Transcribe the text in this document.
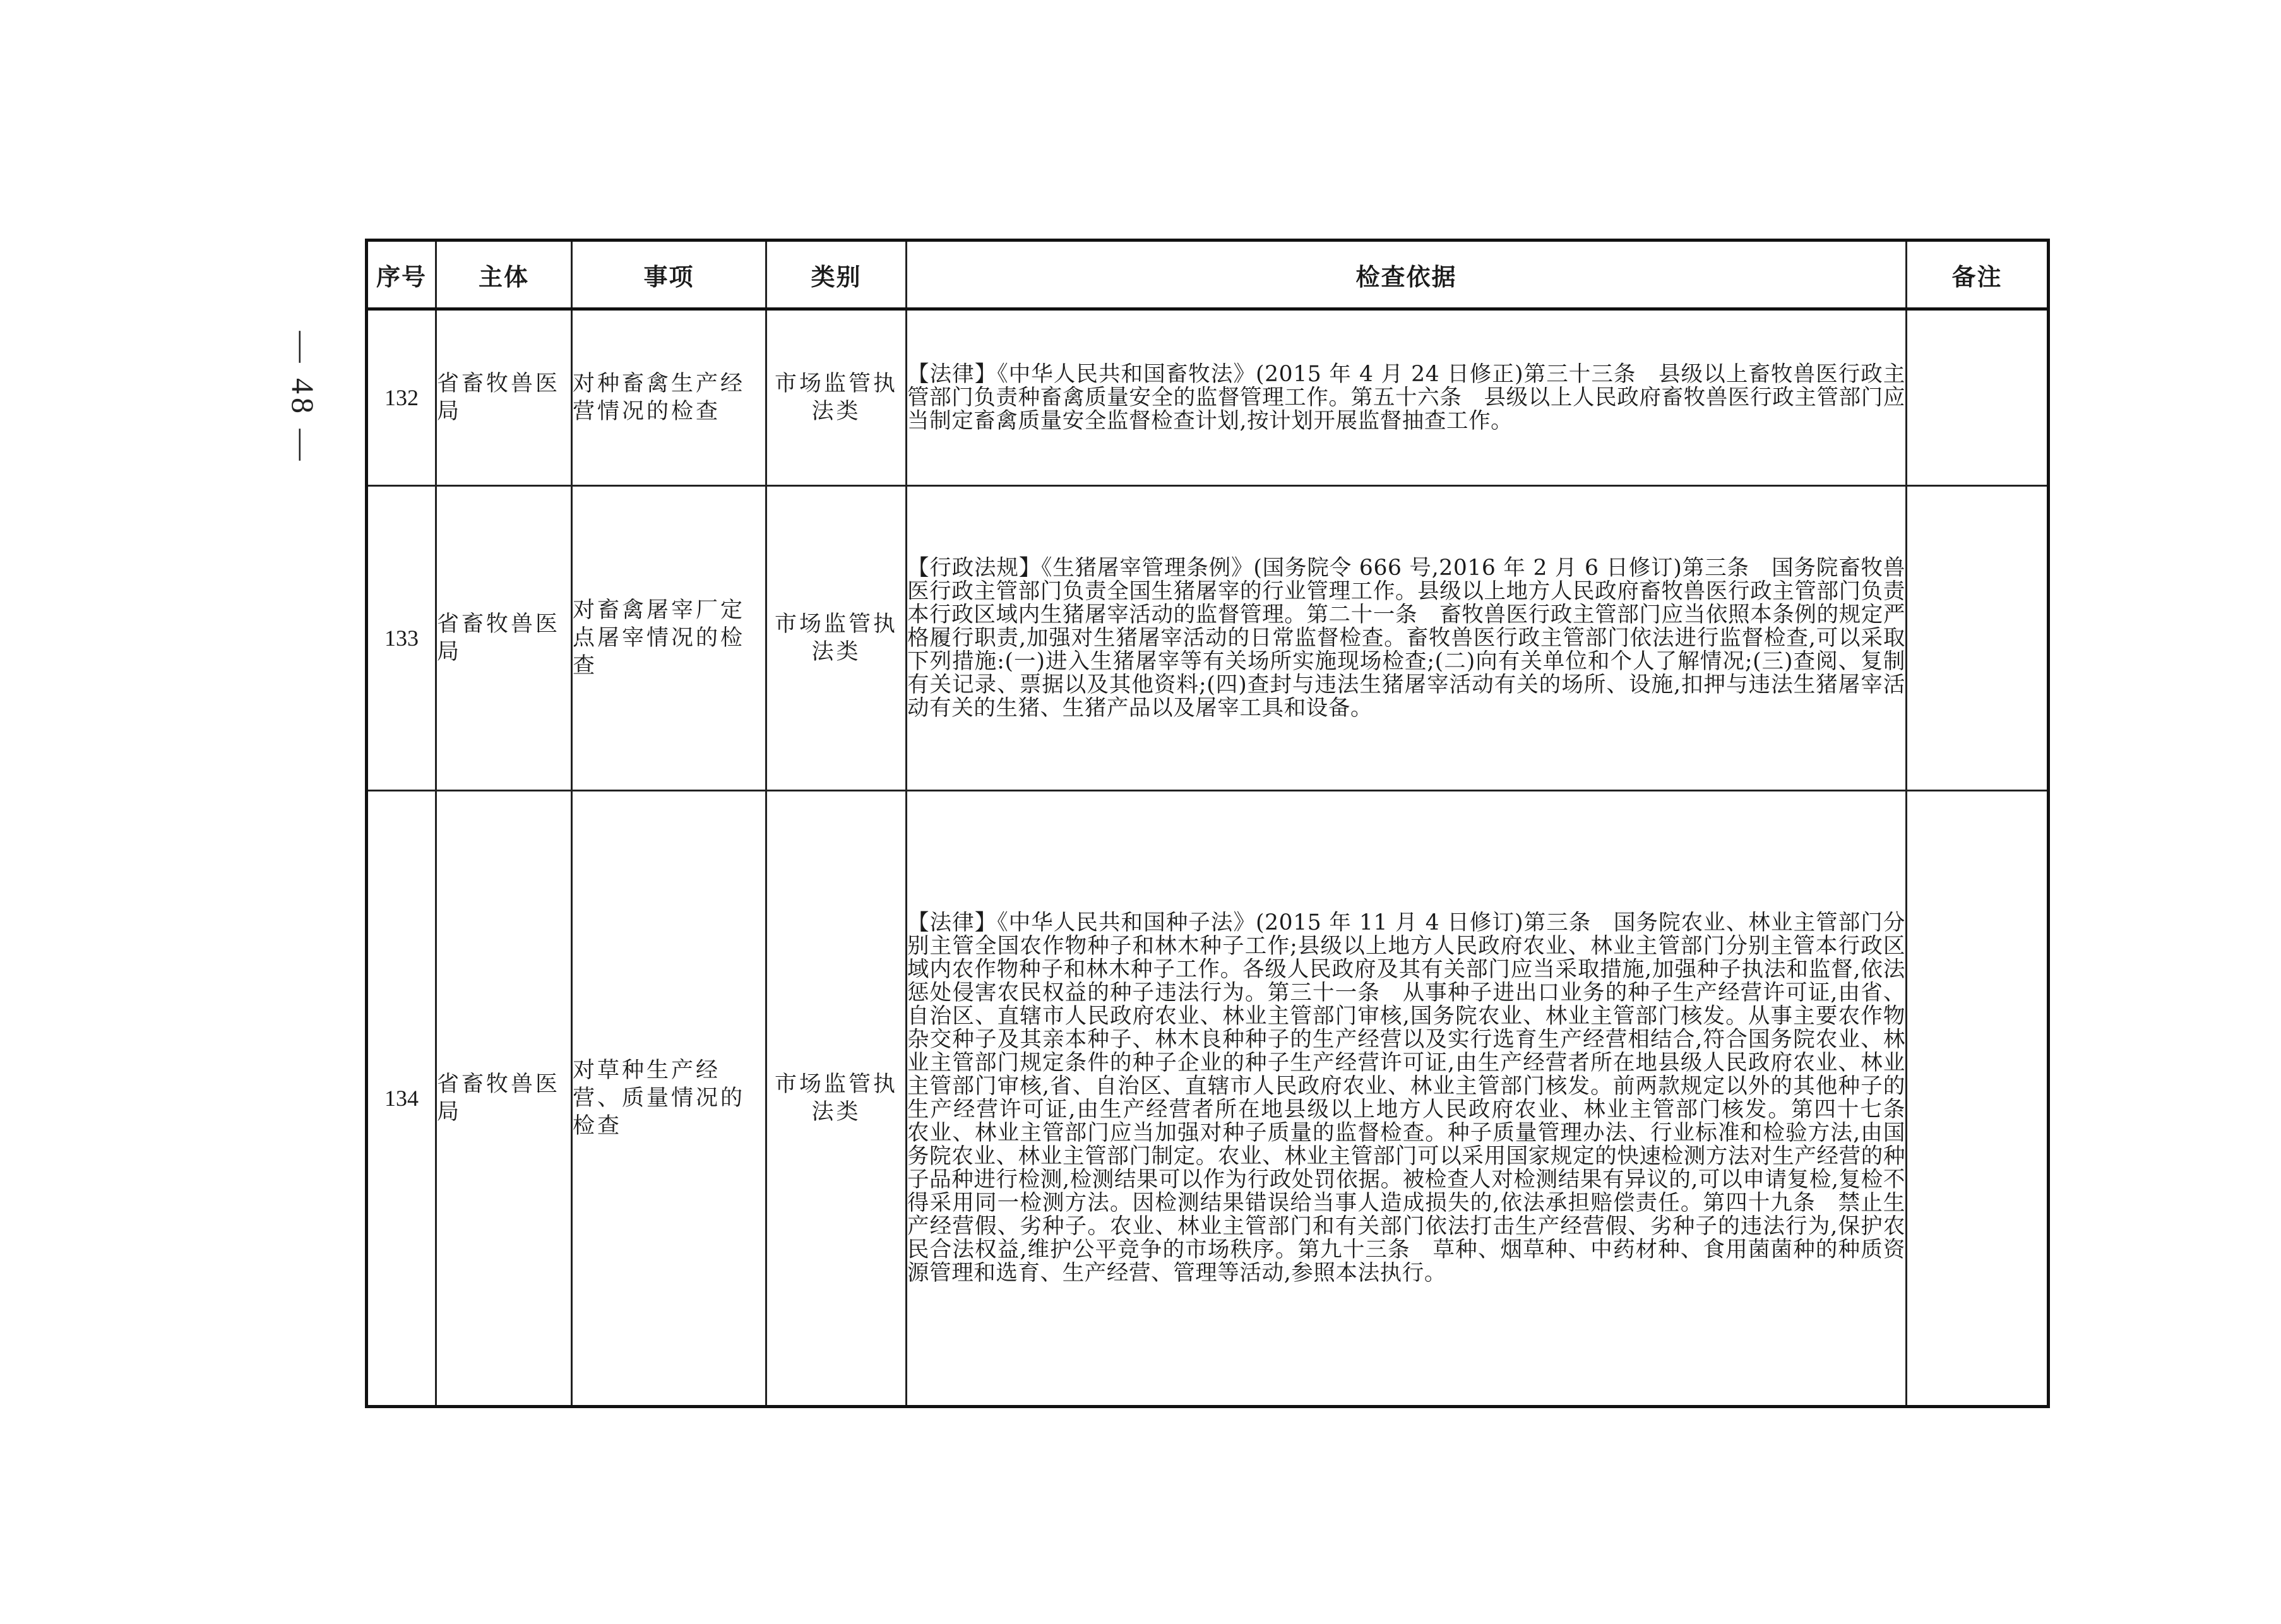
— 48 —
序号	主体	事项	类别	检查依据	备注
132	省畜牧兽医局	对种畜禽生产经营情况的检查	市场监管执法类	【法律】《中华人民共和国畜牧法》(2015 年 4 月 24 日修正)第三十三条　县级以上畜牧兽医行政主管部门负责种畜禽质量安全的监督管理工作。第五十六条　县级以上人民政府畜牧兽医行政主管部门应当制定畜禽质量安全监督检查计划,按计划开展监督抽查工作。	
133	省畜牧兽医局	对畜禽屠宰厂定点屠宰情况的检查	市场监管执法类	【行政法规】《生猪屠宰管理条例》(国务院令 666 号,2016 年 2 月 6 日修订)第三条　国务院畜牧兽医行政主管部门负责全国生猪屠宰的行业管理工作。县级以上地方人民政府畜牧兽医行政主管部门负责本行政区域内生猪屠宰活动的监督管理。第二十一条　畜牧兽医行政主管部门应当依照本条例的规定严格履行职责,加强对生猪屠宰活动的日常监督检查。畜牧兽医行政主管部门依法进行监督检查,可以采取下列措施:(一)进入生猪屠宰等有关场所实施现场检查;(二)向有关单位和个人了解情况;(三)查阅、复制有关记录、票据以及其他资料;(四)查封与违法生猪屠宰活动有关的场所、设施,扣押与违法生猪屠宰活动有关的生猪、生猪产品以及屠宰工具和设备。	
134	省畜牧兽医局	对草种生产经营、质量情况的检查	市场监管执法类	【法律】《中华人民共和国种子法》(2015 年 11 月 4 日修订)第三条　国务院农业、林业主管部门分别主管全国农作物种子和林木种子工作;县级以上地方人民政府农业、林业主管部门分别主管本行政区域内农作物种子和林木种子工作。各级人民政府及其有关部门应当采取措施,加强种子执法和监督,依法惩处侵害农民权益的种子违法行为。第三十一条　从事种子进出口业务的种子生产经营许可证,由省、自治区、直辖市人民政府农业、林业主管部门审核,国务院农业、林业主管部门核发。从事主要农作物杂交种子及其亲本种子、林木良种种子的生产经营以及实行选育生产经营相结合,符合国务院农业、林业主管部门规定条件的种子企业的种子生产经营许可证,由生产经营者所在地县级人民政府农业、林业主管部门审核,省、自治区、直辖市人民政府农业、林业主管部门核发。前两款规定以外的其他种子的生产经营许可证,由生产经营者所在地县级以上地方人民政府农业、林业主管部门核发。第四十七条　农业、林业主管部门应当加强对种子质量的监督检查。种子质量管理办法、行业标准和检验方法,由国务院农业、林业主管部门制定。农业、林业主管部门可以采用国家规定的快速检测方法对生产经营的种子品种进行检测,检测结果可以作为行政处罚依据。被检查人对检测结果有异议的,可以申请复检,复检不得采用同一检测方法。因检测结果错误给当事人造成损失的,依法承担赔偿责任。第四十九条　禁止生产经营假、劣种子。农业、林业主管部门和有关部门依法打击生产经营假、劣种子的违法行为,保护农民合法权益,维护公平竞争的市场秩序。第九十三条　草种、烟草种、中药材种、食用菌菌种的种质资源管理和选育、生产经营、管理等活动,参照本法执行。	
